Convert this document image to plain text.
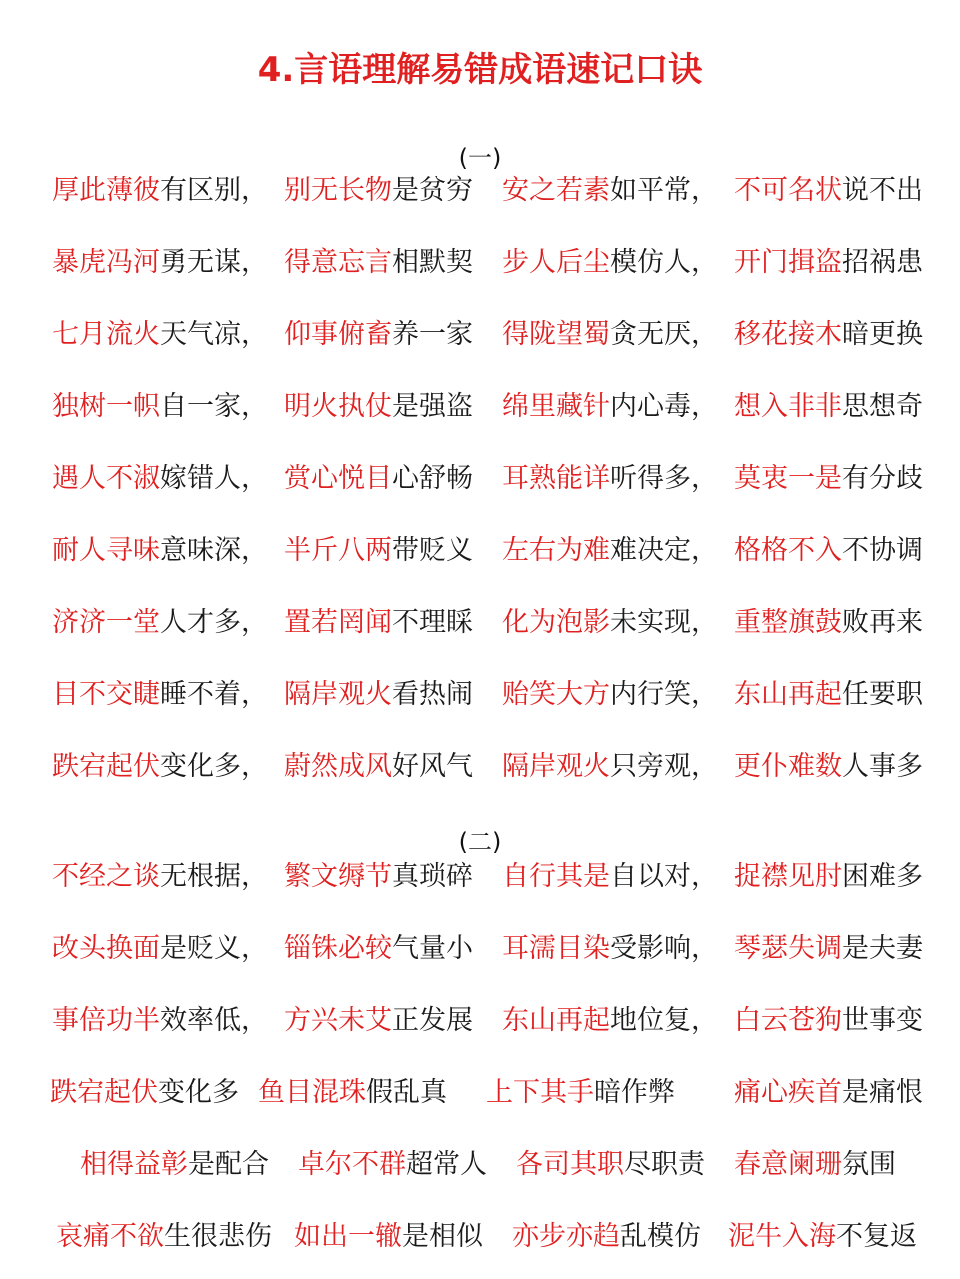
4.言语理解易错成语速记口诀
(一)
厚此薄彼有区别， 别无长物是贫穷 安之若素如平常， 不可名状说不出
暴虎冯河勇无谋， 得意忘言相默契 步人后尘模仿人， 开门揖盗招祸患
七月流火天气凉， 仰事俯畜养一家 得陇望蜀贪无厌， 移花接木暗更换
独树一帜自一家， 明火执仗是强盗 绵里藏针内心毒， 想入非非思想奇
遇人不淑嫁错人， 赏心悦目心舒畅 耳熟能详听得多， 莫衷一是有分歧
耐人寻味意味深， 半斤八两带贬义 左右为难难决定， 格格不入不协调
济济一堂人才多， 置若罔闻不理睬 化为泡影未实现， 重整旗鼓败再来
目不交睫睡不着， 隔岸观火看热闹 贻笑大方内行笑， 东山再起任要职
跌宕起伏变化多， 蔚然成风好风气 隔岸观火只旁观， 更仆难数人事多
(二)
不经之谈无根据， 繁文缛节真琐碎 自行其是自以对， 捉襟见肘困难多
改头换面是贬义， 锱铢必较气量小 耳濡目染受影响， 琴瑟失调是夫妻
事倍功半效率低， 方兴未艾正发展 东山再起地位复， 白云苍狗世事变
跌宕起伏变化多 鱼目混珠假乱真 上下其手暗作弊 痛心疾首是痛恨
相得益彰是配合 卓尔不群超常人 各司其职尽职责 春意阑珊氛围
哀痛不欲生很悲伤 如出一辙是相似 亦步亦趋乱模仿 泥牛入海不复返
